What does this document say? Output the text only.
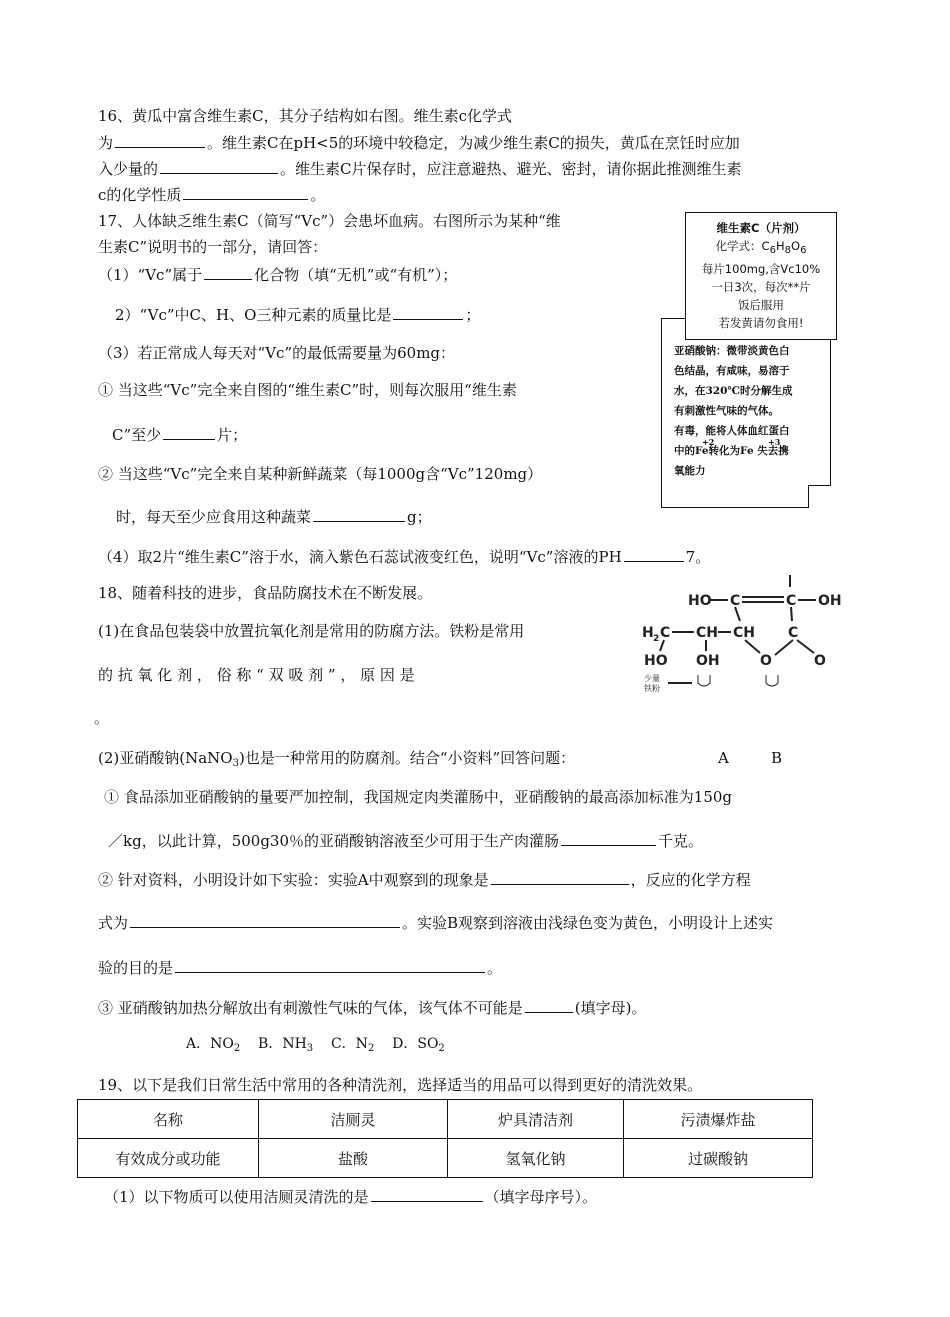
16、黄瓜中富含维生素C，其分子结构如右图。维生素c化学式
为	。维生素C在pH<5的环境中较稳定，为减少维生素C的损失，黄瓜在烹饪时应加
入少量的	。维生素C片保存时，应注意避热、避光、密封，请你据此推测维生素
c的化学性质	。
17、人体缺乏维生素C（简写“Vc”）会患坏血病。右图所示为某种“维
生素C”说明书的一部分，请回答：
（1）“Vc”属于	化合物（填“无机”或“有机”）；
2）“Vc”中C、H、O三种元素的质量比是	；
（3）若正常成人每天对“Vc”的最低需要量为60mg：
① 当这些“Vc”完全来自图的“维生素C”时，则每次服用“维生素
C”至少	片；
② 当这些“Vc”完全来自某种新鲜蔬菜（每1000g含“Vc”120mg）
时，每天至少应食用这种蔬菜	g；
（4）取2片“维生素C”溶于水，滴入紫色石蕊试液变红色，说明“Vc”溶液的PH	7。
维生素C（片剂）
化学式：C6H8O6
每片100mg,含Vc10%
一日3次，每次**片
饭后服用
若发黄请勿食用!
亚硝酸钠：微带淡黄色白
色结晶，有咸味，易溶于
水，在320℃时分解生成
有刺激性气味的气体。
有毒，能将人体血红蛋白
+2	+3
中的Fe转化为Fe 失去携
氧能力
HO C	C OH
H 2 C CH CH C
HO OH	O	O
少量
铁粉
18、随着科技的进步，食品防腐技术在不断发展。
(1)在食品包装袋中放置抗氧化剂是常用的防腐方法。铁粉是常用
的 抗 氧 化 剂 ， 俗 称 “ 双 吸 剂 ” ， 原 因 是
。
(2)亚硝酸钠(NaNO$_3$)也是一种常用的防腐剂。结合“小资料”回答问题：	A	B
① 食品添加亚硝酸钠的量要严加控制，我国规定肉类灌肠中，亚硝酸钠的最高添加标准为150g
／kg，以此计算，500g30％的亚硝酸钠溶液至少可用于生产肉灌肠	千克。
② 针对资料，小明设计如下实验：实验A中观察到的现象是	，反应的化学方程
式为	。实验B观察到溶液由浅绿色变为黄色，小明设计上述实
验的目的是	。
③ 亚硝酸钠加热分解放出有刺激性气味的气体，该气体不可能是	(填字母)。
A．$NO_2$ B．$NH_3$ C．$N_2$ D．$SO_2$
19、以下是我们日常生活中常用的各种清洗剂，选择适当的用品可以得到更好的清洗效果。
名称	洁厕灵	炉具清洁剂	污渍爆炸盐
有效成分或功能	盐酸	氢氧化钠	过碳酸钠
（1）以下物质可以使用洁厕灵清洗的是	（填字母序号）。
